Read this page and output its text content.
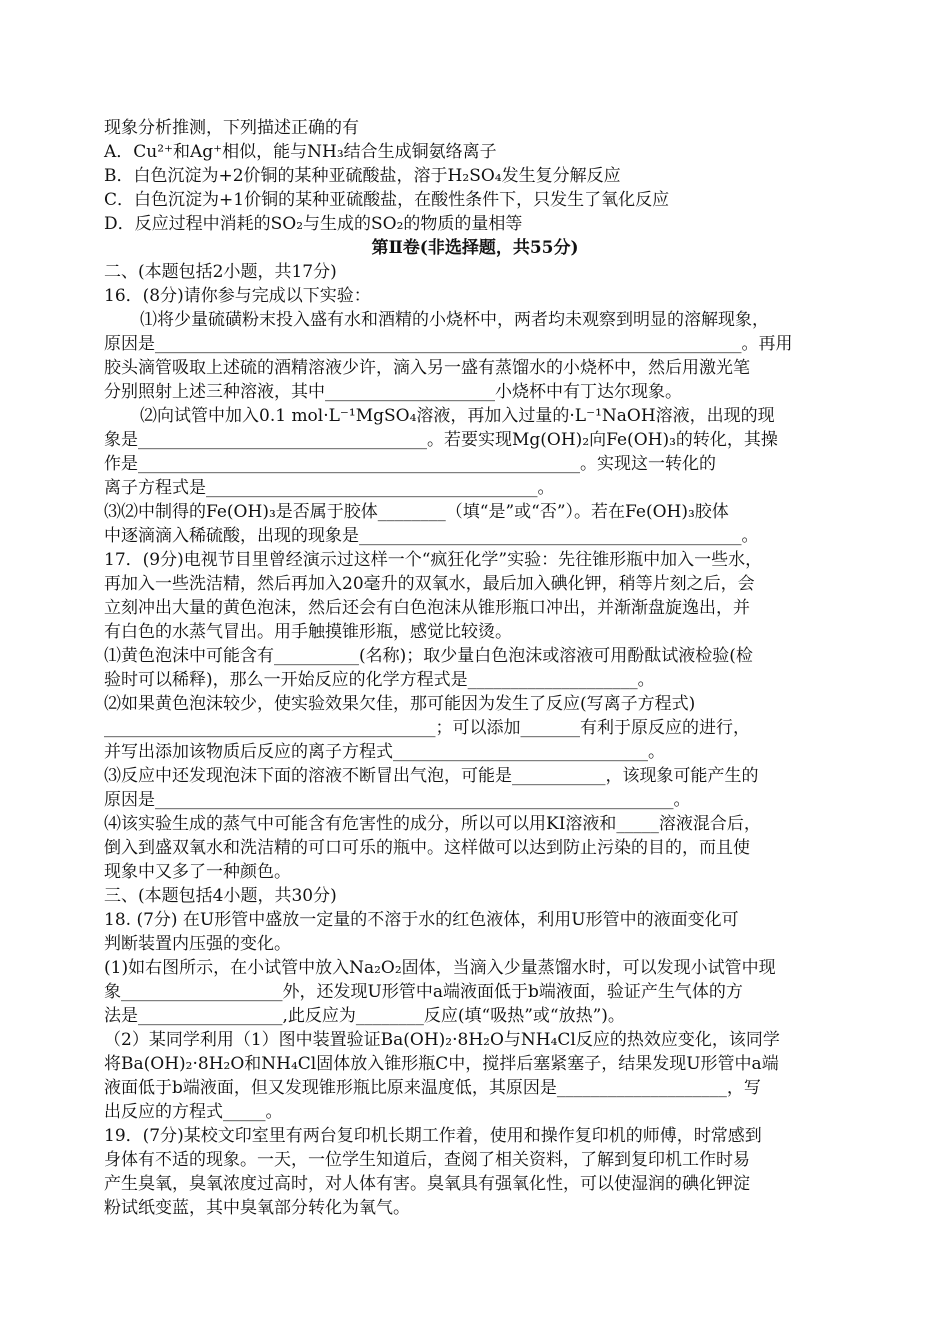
现象分析推测，下列描述正确的有
A．Cu²⁺和Ag⁺相似，能与NH₃结合生成铜氨络离子
B．白色沉淀为+2价铜的某种亚硫酸盐，溶于H₂SO₄发生复分解反应
C．白色沉淀为+1价铜的某种亚硫酸盐，在酸性条件下，只发生了氧化反应
D．反应过程中消耗的SO₂与生成的SO₂的物质的量相等
第Ⅱ卷(非选择题，共55分)
二、(本题包括2小题，共17分)
16．(8分)请你参与完成以下实验：
⑴将少量硫磺粉末投入盛有水和酒精的小烧杯中，两者均未观察到明显的溶解现象，
原因是_____________________________________________________________________。再用
胶头滴管吸取上述硫的酒精溶液少许，滴入另一盛有蒸馏水的小烧杯中，然后用激光笔
分别照射上述三种溶液，其中____________________小烧杯中有丁达尔现象。
⑵向试管中加入0.1 mol·L⁻¹MgSO₄溶液，再加入过量的·L⁻¹NaOH溶液，出现的现
象是__________________________________。若要实现Mg(OH)₂向Fe(OH)₃的转化，其操
作是____________________________________________________。实现这一转化的
离子方程式是_______________________________________。
⑶⑵中制得的Fe(OH)₃是否属于胶体________（填“是”或“否”）。若在Fe(OH)₃胶体
中逐滴滴入稀硫酸，出现的现象是_____________________________________________。
17．(9分)电视节目里曾经演示过这样一个“疯狂化学”实验：先往锥形瓶中加入一些水，
再加入一些洗洁精，然后再加入20毫升的双氧水，最后加入碘化钾，稍等片刻之后，会
立刻冲出大量的黄色泡沫，然后还会有白色泡沫从锥形瓶口冲出，并渐渐盘旋逸出，并
有白色的水蒸气冒出。用手触摸锥形瓶，感觉比较烫。
⑴黄色泡沫中可能含有__________(名称)；取少量白色泡沫或溶液可用酚酞试液检验(检
验时可以稀释)，那么一开始反应的化学方程式是____________________。
⑵如果黄色泡沫较少，使实验效果欠佳，那可能因为发生了反应(写离子方程式)
_______________________________________；可以添加_______有利于原反应的进行，
并写出添加该物质后反应的离子方程式______________________________。
⑶反应中还发现泡沫下面的溶液不断冒出气泡，可能是___________，该现象可能产生的
原因是_____________________________________________________________。
⑷该实验生成的蒸气中可能含有危害性的成分，所以可以用KI溶液和_____溶液混合后，
倒入到盛双氧水和洗洁精的可口可乐的瓶中。这样做可以达到防止污染的目的，而且使
现象中又多了一种颜色。
三、(本题包括4小题，共30分)
18. (7分) 在U形管中盛放一定量的不溶于水的红色液体，利用U形管中的液面变化可
判断装置内压强的变化。
(1)如右图所示，在小试管中放入Na₂O₂固体，当滴入少量蒸馏水时，可以发现小试管中现
象___________________外，还发现U形管中a端液面低于b端液面，验证产生气体的方
法是_________________,此反应为________反应(填“吸热”或“放热”)。
（2）某同学利用（1）图中装置验证Ba(OH)₂·8H₂O与NH₄Cl反应的热效应变化，该同学
将Ba(OH)₂·8H₂O和NH₄Cl固体放入锥形瓶C中，搅拌后塞紧塞子，结果发现U形管中a端
液面低于b端液面，但又发现锥形瓶比原来温度低，其原因是____________________，写
出反应的方程式_____。
19．(7分)某校文印室里有两台复印机长期工作着，使用和操作复印机的师傅，时常感到
身体有不适的现象。一天，一位学生知道后，查阅了相关资料，了解到复印机工作时易
产生臭氧，臭氧浓度过高时，对人体有害。臭氧具有强氧化性，可以使湿润的碘化钾淀
粉试纸变蓝，其中臭氧部分转化为氧气。
